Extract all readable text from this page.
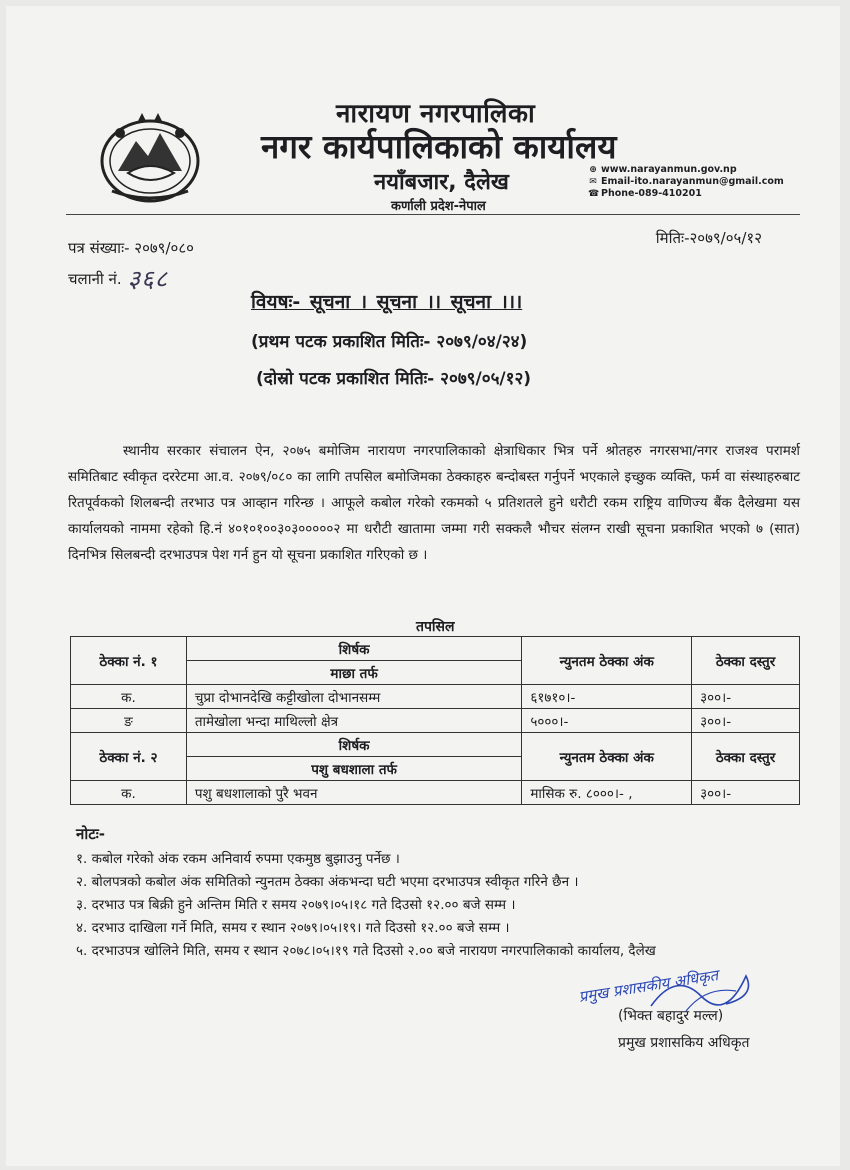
नारायण नगरपालिका
नगर कार्यपालिकाको कार्यालय
नयाँबजार, दैलेख
कर्णाली प्रदेश-नेपाल
⊕ www.narayanmun.gov.np
✉ Email-ito.narayanmun@gmail.com
☎ Phone-089-410201
पत्र संख्याः- २०७९/०८०
चलानी नं. ३६८
मितिः-२०७९/०५/१२
वियषः- सूचना । सूचना ।। सूचना ।।।
(प्रथम पटक प्रकाशित मितिः- २०७९/०४/२४)
(दोस्रो पटक प्रकाशित मितिः- २०७९/०५/१२)
स्थानीय सरकार संचालन ऐन, २०७५ बमोजिम नारायण नगरपालिकाको क्षेत्राधिकार भित्र पर्ने श्रोतहरु नगरसभा/नगर राजश्व परामर्श समितिबाट स्वीकृत दररेटमा आ.व. २०७९/०८० का लागि तपसिल बमोजिमका ठेक्काहरु बन्दोबस्त गर्नुपर्ने भएकाले इच्छुक व्यक्ति, फर्म वा संस्थाहरुबाट रितपूर्वकको शिलबन्दी तरभाउ पत्र आव्हान गरिन्छ । आफूले कबोल गरेको रकमको ५ प्रतिशतले हुने धरौटी रकम राष्ट्रिय वाणिज्य बैंक दैलेखमा यस कार्यालयको नाममा रहेको हि.नं ४०१०१००३०३०००००२ मा धरौटी खातामा जम्मा गरी सक्कलै भौचर संलग्न राखी सूचना प्रकाशित भएको ७ (सात) दिनभित्र सिलबन्दी दरभाउपत्र पेश गर्न हुन यो सूचना प्रकाशित गरिएको छ ।
तपसिल
ठेक्का नं. १	शिर्षक	न्युनतम ठेक्का अंक	ठेक्का दस्तुर
	माछा तर्फ		
क.	चुप्रा दोभानदेखि कट्टीखोला दोभानसम्म	६१७१०।-	३००।-
ङ	तामेखोला भन्दा माथिल्लो क्षेत्र	५०००।-	३००।-
ठेक्का नं. २	शिर्षक	न्युनतम ठेक्का अंक	ठेक्का दस्तुर
	पशु बधशाला तर्फ		
क.	पशु बधशालाको पुरै भवन	मासिक रु. ८०००।- ,	३००।-
नोटः-
१. कबोल गरेको अंक रकम अनिवार्य रुपमा एकमुष्ठ बुझाउनु पर्नेछ ।
२. बोलपत्रको कबोल अंक समितिको न्युनतम ठेक्का अंकभन्दा घटी भएमा दरभाउपत्र स्वीकृत गरिने छैन ।
३. दरभाउ पत्र बिक्री हुने अन्तिम मिति र समय २०७९।०५।१८ गते दिउसो १२.०० बजे सम्म ।
४. दरभाउ दाखिला गर्ने मिति, समय र स्थान २०७९।०५।१९। गते दिउसो १२.०० बजे सम्म ।
५. दरभाउपत्र खोलिने मिति, समय र स्थान २०७८।०५।१९ गते दिउसो २.०० बजे नारायण नगरपालिकाको कार्यालय, दैलेख
प्रमुख प्रशासकीय अधिकृत
(भिक्त बहादुर मल्ल)
प्रमुख प्रशासकिय अधिकृत
